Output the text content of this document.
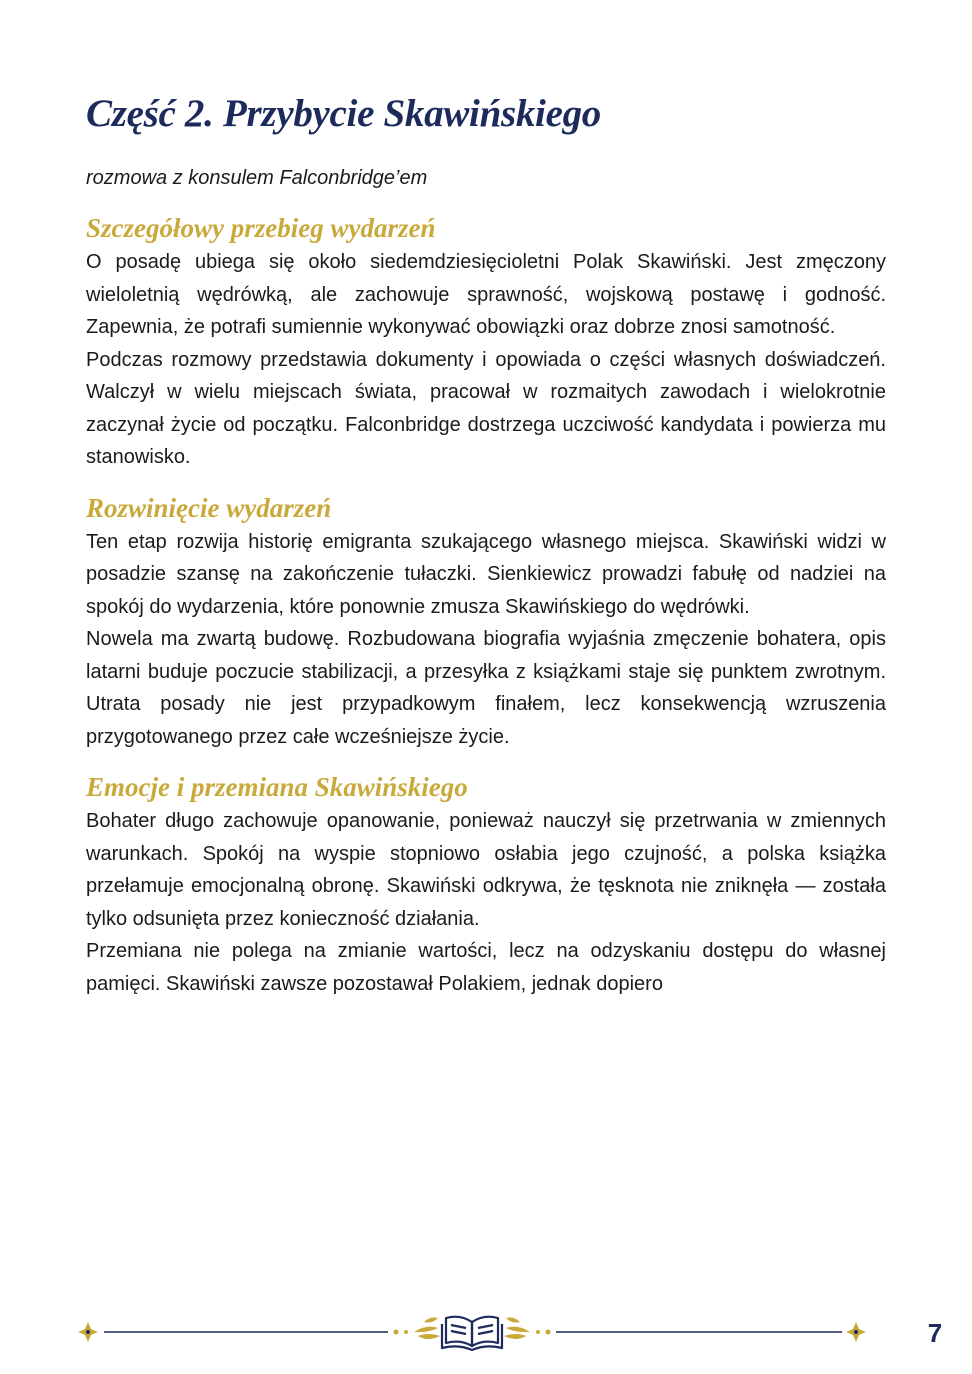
Część 2. Przybycie Skawińskiego
rozmowa z konsulem Falconbridge’em
Szczegółowy przebieg wydarzeń

O posadę ubiega się około siedemdziesięcioletni Polak Skawiński. Jest zmęczony wieloletnią wędrówką, ale zachowuje sprawność, wojskową postawę i godność. Zapewnia, że potrafi sumiennie wykonywać obowiązki oraz dobrze znosi samotność.

Podczas rozmowy przedstawia dokumenty i opowiada o części własnych doświadczeń. Walczył w wielu miejscach świata, pracował w rozmaitych zawodach i wielokrotnie zaczynał życie od początku. Falconbridge dostrzega uczciwość kandydata i powierza mu stanowisko.

Rozwinięcie wydarzeń

Ten etap rozwija historię emigranta szukającego własnego miejsca. Skawiński widzi w posadzie szansę na zakończenie tułaczki. Sienkiewicz prowadzi fabułę od nadziei na spokój do wydarzenia, które ponownie zmusza Skawińskiego do wędrówki.

Nowela ma zwartą budowę. Rozbudowana biografia wyjaśnia zmęczenie bohatera, opis latarni buduje poczucie stabilizacji, a przesyłka z książkami staje się punktem zwrotnym. Utrata posady nie jest przypadkowym finałem, lecz konsekwencją wzruszenia przygotowanego przez całe wcześniejsze życie.

Emocje i przemiana Skawińskiego

Bohater długo zachowuje opanowanie, ponieważ nauczył się przetrwania w zmiennych warunkach. Spokój na wyspie stopniowo osłabia jego czujność, a polska książka przełamuje emocjonalną obronę. Skawiński odkrywa, że tęsknota nie zniknęła — została tylko odsunięta przez konieczność działania.

Przemiana nie polega na zmianie wartości, lecz na odzyskaniu dostępu do własnej pamięci. Skawiński zawsze pozostawał Polakiem, jednak dopiero

7
